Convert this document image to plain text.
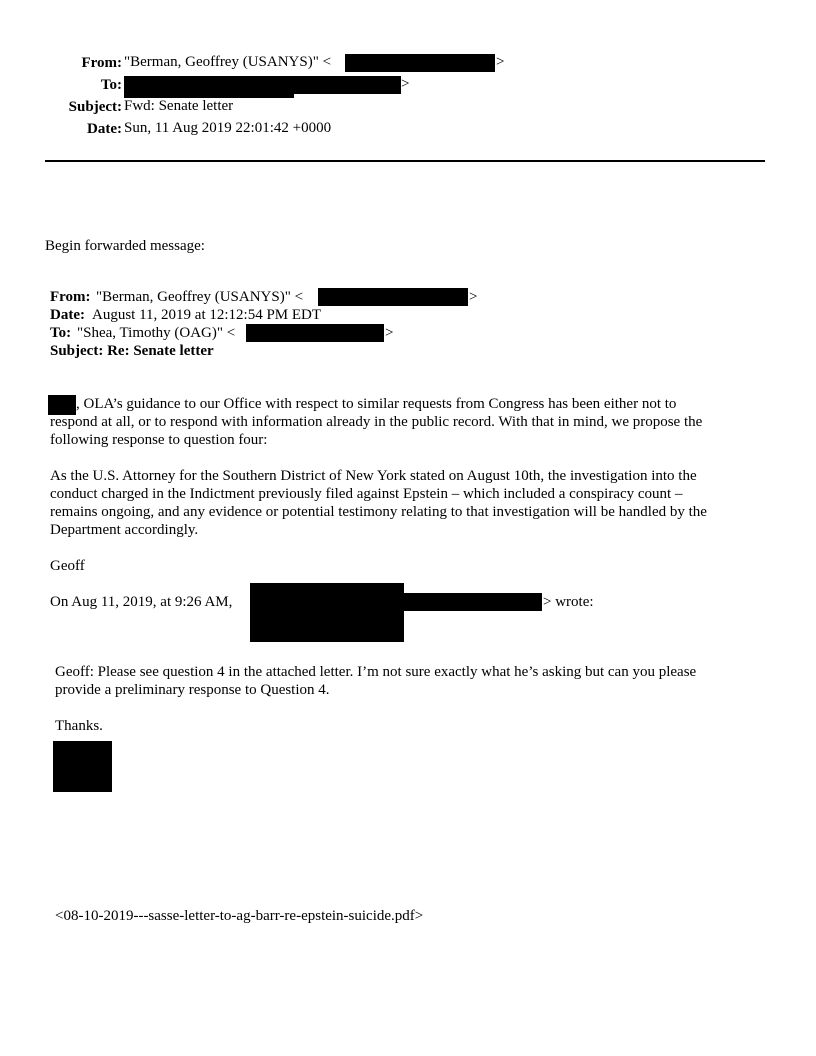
From: "Berman, Geoffrey (USANYS)" <	>
To:	>
Subject: Fwd: Senate letter
Date: Sun, 11 Aug 2019 22:01:42 +0000
Begin forwarded message:
From: "Berman, Geoffrey (USANYS)" <	>
Date: August 11, 2019 at 12:12:54 PM EDT
To: "Shea, Timothy (OAG)" <	>
Subject: Re: Senate letter
, OLA’s guidance to our Office with respect to similar requests from Congress has been either not to
respond at all, or to respond with information already in the public record. With that in mind, we propose the
following response to question four:
As the U.S. Attorney for the Southern District of New York stated on August 10th, the investigation into the
conduct charged in the Indictment previously filed against Epstein – which included a conspiracy count –
remains ongoing, and any evidence or potential testimony relating to that investigation will be handled by the
Department accordingly.
Geoff
On Aug 11, 2019, at 9:26 AM,	> wrote:
Geoff: Please see question 4 in the attached letter. I’m not sure exactly what he’s asking but can you please
provide a preliminary response to Question 4.
Thanks.
<08-10-2019---sasse-letter-to-ag-barr-re-epstein-suicide.pdf>
